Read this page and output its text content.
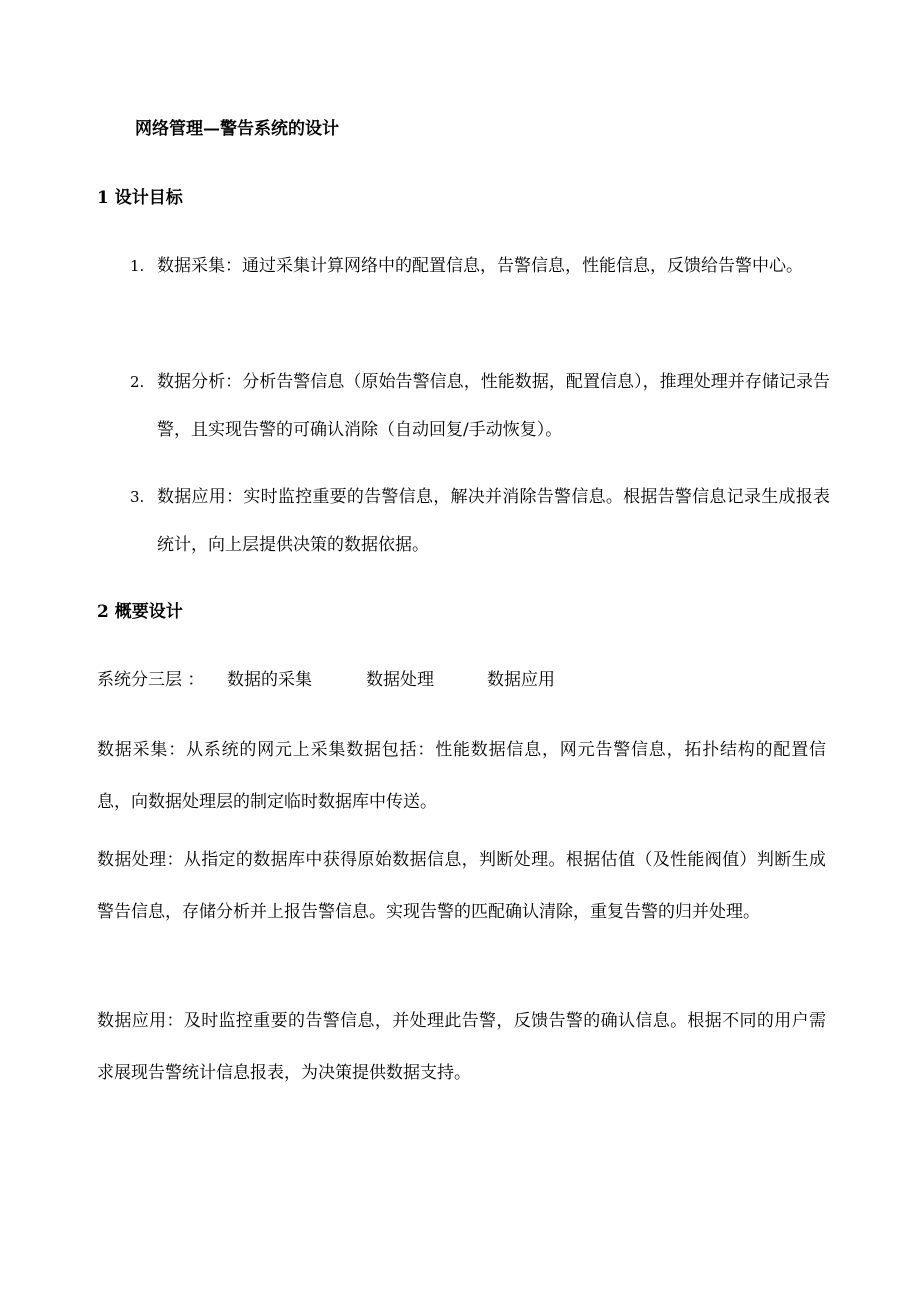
网络管理—警告系统的设计
1 设计目标
1. 数据采集：通过采集计算网络中的配置信息，告警信息，性能信息，反馈给告警中心。
2. 数据分析：分析告警信息（原始告警信息，性能数据，配置信息），推理处理并存储记录告警，且实现告警的可确认消除（自动回复/手动恢复）。
3. 数据应用：实时监控重要的告警信息，解决并消除告警信息。根据告警信息记录生成报表统计，向上层提供决策的数据依据。
2 概要设计
系统分三层 ： 数据的采集	数据处理	数据应用
数据采集：从系统的网元上采集数据包括：性能数据信息，网元告警信息，拓扑结构的配置信息，向数据处理层的制定临时数据库中传送。
数据处理：从指定的数据库中获得原始数据信息，判断处理。根据估值（及性能阀值）判断生成警告信息，存储分析并上报告警信息。实现告警的匹配确认清除，重复告警的归并处理。
数据应用：及时监控重要的告警信息，并处理此告警，反馈告警的确认信息。根据不同的用户需求展现告警统计信息报表，为决策提供数据支持。
